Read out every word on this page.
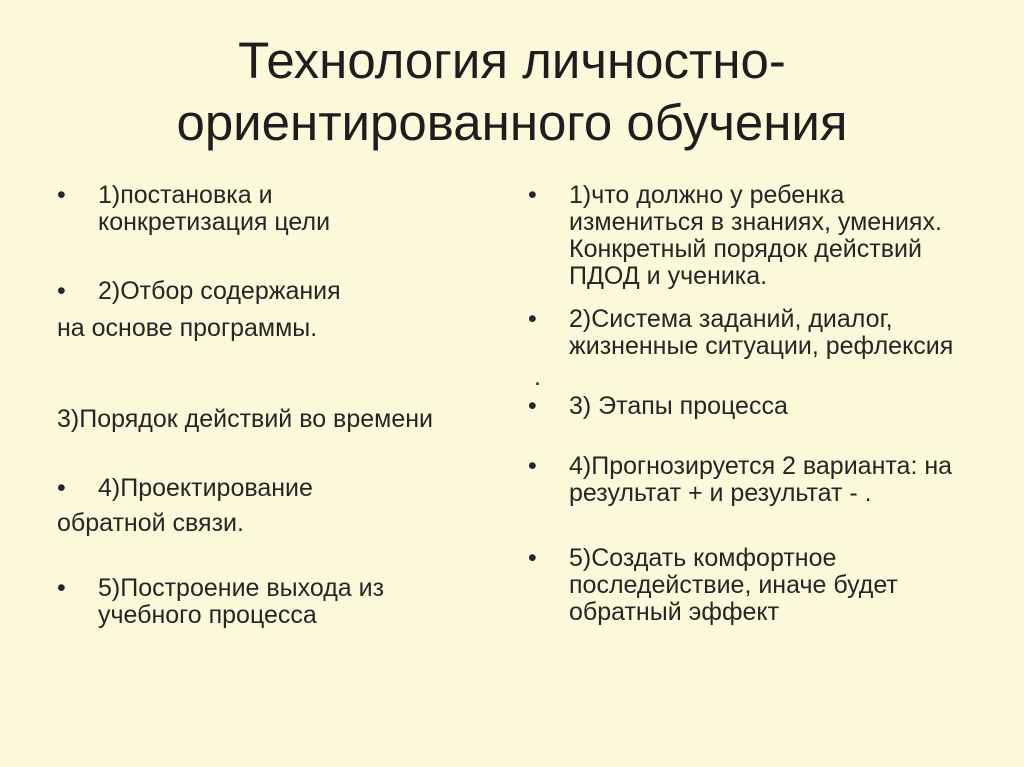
Технология личностно-
ориентированного обучения
•	1)постановка и
конкретизация цели
•	2)Отбор содержания
на основе программы.
3)Порядок действий во времени
•	4)Проектирование
обратной связи.
•	5)Построение выхода из
учебного процесса
•	1)что должно у ребенка
измениться в знаниях, умениях.
Конкретный порядок действий
ПДОД и ученика.
•	2)Система заданий, диалог,
жизненные ситуации, рефлексия
.
•	3) Этапы процесса
•	4)Прогнозируется 2 варианта: на
результат + и результат - .
•	5)Создать комфортное
последействие, иначе будет
обратный эффект
